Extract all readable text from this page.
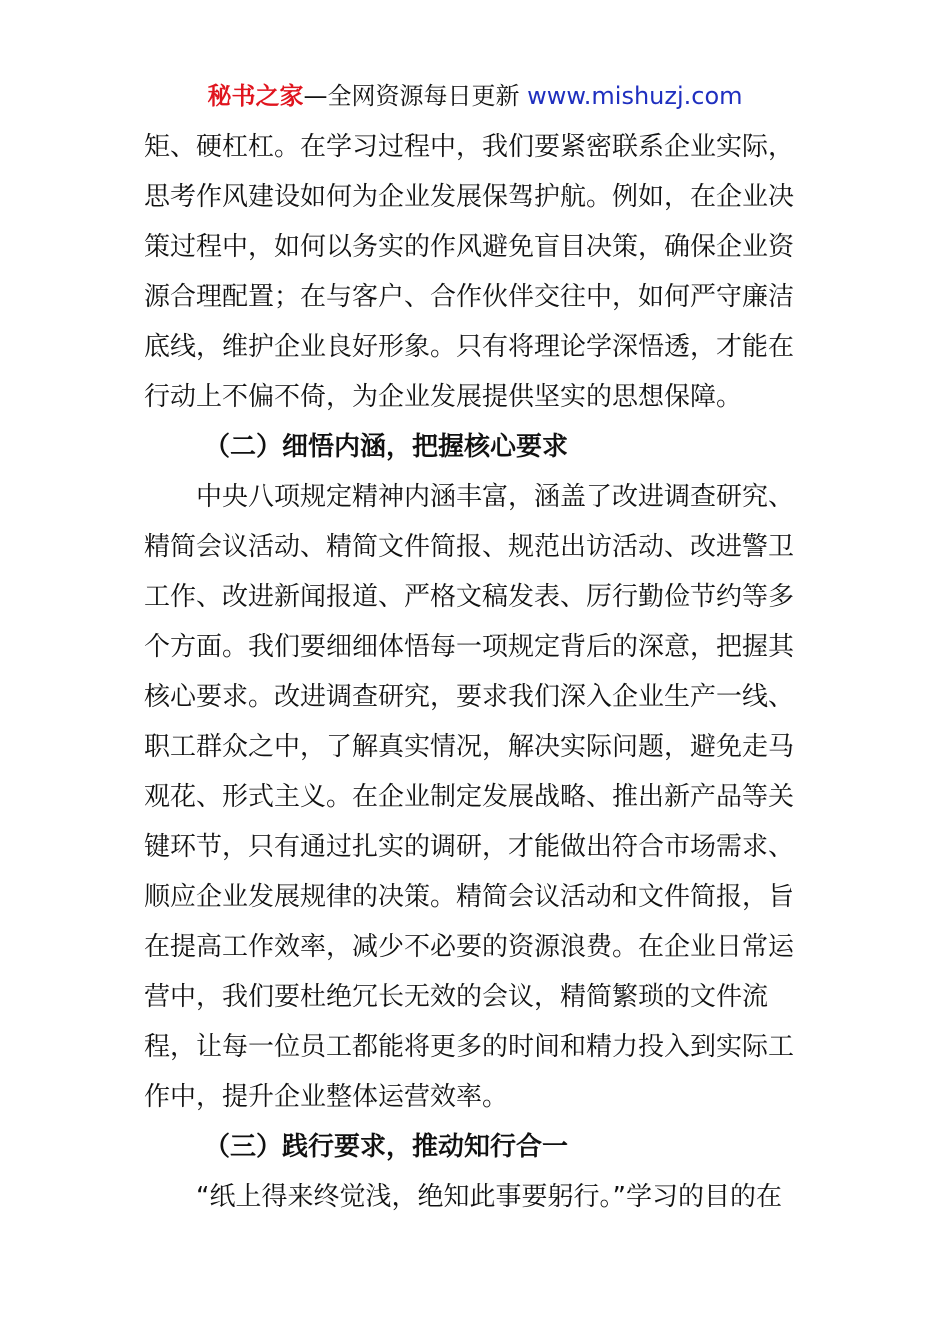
秘书之家—全网资源每日更新 www.mishuzj.com
矩、硬杠杠。在学习过程中，我们要紧密联系企业实际，
思考作风建设如何为企业发展保驾护航。例如，在企业决
策过程中，如何以务实的作风避免盲目决策，确保企业资
源合理配置；在与客户、合作伙伴交往中，如何严守廉洁
底线，维护企业良好形象。只有将理论学深悟透，才能在
行动上不偏不倚，为企业发展提供坚实的思想保障。
（二）细悟内涵，把握核心要求
中央八项规定精神内涵丰富，涵盖了改进调查研究、
精简会议活动、精简文件简报、规范出访活动、改进警卫
工作、改进新闻报道、严格文稿发表、厉行勤俭节约等多
个方面。我们要细细体悟每一项规定背后的深意，把握其
核心要求。改进调查研究，要求我们深入企业生产一线、
职工群众之中，了解真实情况，解决实际问题，避免走马
观花、形式主义。在企业制定发展战略、推出新产品等关
键环节，只有通过扎实的调研，才能做出符合市场需求、
顺应企业发展规律的决策。精简会议活动和文件简报，旨
在提高工作效率，减少不必要的资源浪费。在企业日常运
营中，我们要杜绝冗长无效的会议，精简繁琐的文件流
程，让每一位员工都能将更多的时间和精力投入到实际工
作中，提升企业整体运营效率。
（三）践行要求，推动知行合一
“纸上得来终觉浅，绝知此事要躬行。”学习的目的在
